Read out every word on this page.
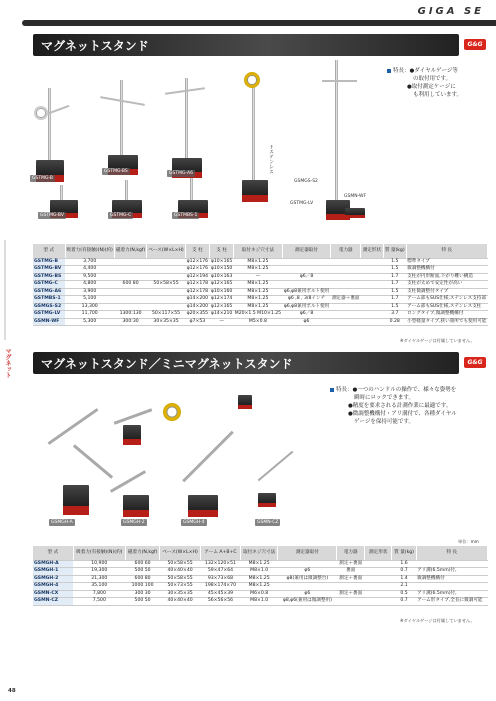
GIGA SE
マグネット
マグネットスタンド	G&G
特長：●ダイヤルゲージ等
の取付用です。
●取付測定ケージに
も利用しています。
GSTMG-B
GSTMG-BS	GSTMG-A6
GSMGS-S2
←ステンレス
GSTMG-LV
GSMN-WF
GSTMG-BV	GSTMG-C	GSTMBS-1
型 式	吸着力(有接触)(N)(約)	磁着力(N,kgf)	ベース(W×L×H)	支 柱	支 柱	取付ネジ穴寸法	測定器取付	電力器	測定形状	質 量(kg)	特 長
GSTMG-B	3,700			φ12×176	φ10×165	M8×1.25				1.5	標準タイプ
GSTMG-BV	4,400			φ12×176	φ10×150	M8×1.25				1.5	微調整機構付
GSTMG-BS	9,500			φ12×194	φ10×163	—	φ6／8			1.7	支柱が円形断面,下がり難い構造
GSTMG-C	4,800	600 80	50×58×55	φ12×178	φ12×165	M8×1.25				1.7	支柱が太めで安定性が高い
GSTMG-A6	3,900			φ12×178	φ10×160	M8×1.25	φ6,φ8兼用ボルト使用			1.5	支柱微調整付タイプ
GSTMBS-1	5,100			φ14×200	φ12×174	M8×1.25	φ6 ,8 , 3/8インチ	測定器＋裏面		1.7	アーム部もSUS仕様,ステンレス支持部
GSMGS-S2	13,300			φ14×200	φ12×165	M8×1.25	φ6,φ8兼用ボルト使用			1.5	アーム部もSUS仕様,ステンレス支柱
GSTMG-LV	11,700	1300:130	50×117×55	φ20×355	φ14×210	M20×1.5 M10×1.25	φ6／8			3.7	ロングタイプ,微調整機構付
GSMN-WF	5,300	300:30	30×35×35	φ7×53	—	M5×0.8	φ6			0.28	小型軽量タイプ,狭い箇所でも使用可能
※ダイヤルゲージは付属していません。
マグネットスタンド／ミニマグネットスタンド	G&G
特長：●一つのハンドルの操作で、様々な姿勢を
瞬時にロックできます。
●精度を要求される計測作業に最適です。
●微調整機構付・アリ溝付で、各種ダイヤル
ゲージを保持可能です。
GSMGH-A
GSMGH-1
GSMGH-2	GSMGH-4
GSMN-CX
GSMN-CZ
単位：mm
型 式	吸着力(有接触)(N)(約)	磁着力(N,kgf)	ベース(W×L×H)	アーム A+B+C	取付ネジ穴寸法	測定器取付	電力器	測定形状	質 量(kg)	特 長
GSMGH-A	10,900	600 60	50×58×55	132×120×51	M8×1.25		測定＋裏面		1.6	
GSMGH-1	19,300	500 50	40×40×40	59×47×64	M8×1.0	φ6	裏面		0.7	アリ溝(6.5mm)付,
GSMGH-2	21,300	600 80	50×58×55	93×73×68	M8×1.25	φ8(兼用は微調整台)	測定＋裏面		1.4	微調整機構付
GSMGH-4	35,100	1000 100	50×73×55	198×174×70	M8×1.25				2.1	
GSMN-CX	7,800	300 30	30×35×35	45×45×39	M6×0.8	φ6	測定＋裏面		0.5	アリ溝(6.5mm)付,
GSMN-CZ	7,500	500 50	40×40×40	56×56×56	M8×1.0	φ8,φ6(兼用は微調整用)			0.7	アーム形タイプ,全長に微調可能
※ダイヤルゲージは付属していません。
48
